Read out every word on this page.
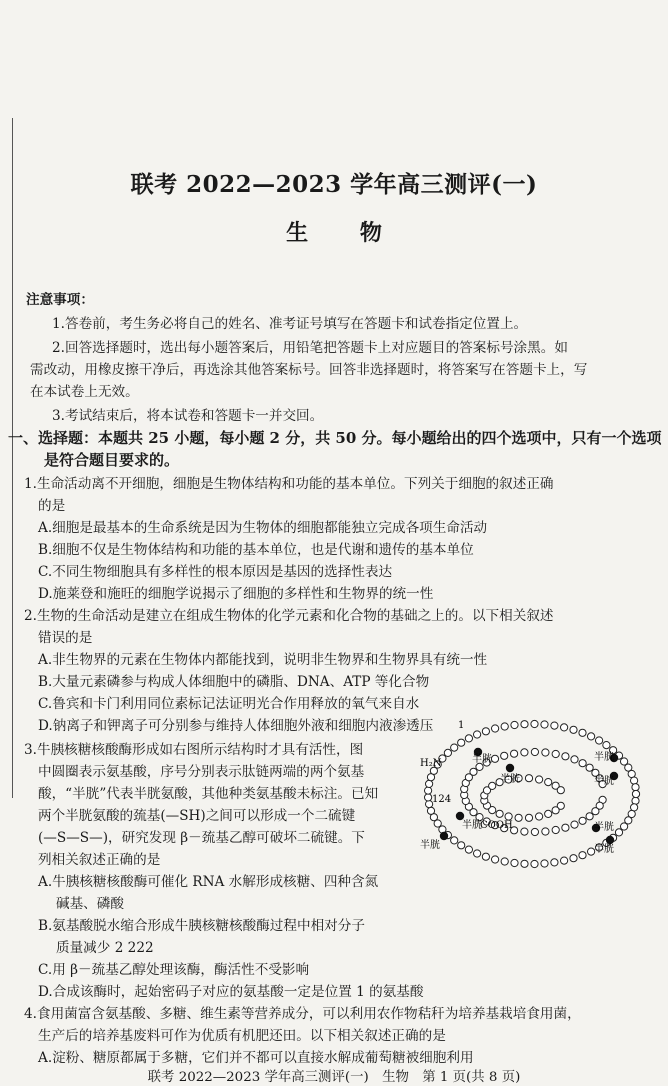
联考 2022—2023 学年高三测评(一)
生 物
注意事项：
1.答卷前，考生务必将自己的姓名、准考证号填写在答题卡和试卷指定位置上。
2.回答选择题时，选出每小题答案后，用铅笔把答题卡上对应题目的答案标号涂黑。如
需改动，用橡皮擦干净后，再选涂其他答案标号。回答非选择题时，将答案写在答题卡上，写
在本试卷上无效。
3.考试结束后，将本试卷和答题卡一并交回。
一、选择题：本题共 25 小题，每小题 2 分，共 50 分。每小题给出的四个选项中，只有一个选项
是符合题目要求的。
1.生命活动离不开细胞，细胞是生物体结构和功能的基本单位。下列关于细胞的叙述正确
的是
A.细胞是最基本的生命系统是因为生物体的细胞都能独立完成各项生命活动
B.细胞不仅是生物体结构和功能的基本单位，也是代谢和遗传的基本单位
C.不同生物细胞具有多样性的根本原因是基因的选择性表达
D.施莱登和施旺的细胞学说揭示了细胞的多样性和生物界的统一性
2.生物的生命活动是建立在组成生物体的化学元素和化合物的基础之上的。以下相关叙述
错误的是
A.非生物界的元素在生物体内都能找到，说明非生物界和生物界具有统一性
B.大量元素磷参与构成人体细胞中的磷脂、DNA、ATP 等化合物
C.鲁宾和卡门利用同位素标记法证明光合作用释放的氧气来自水
D.钠离子和钾离子可分别参与维持人体细胞外液和细胞内液渗透压
3.牛胰核糖核酸酶形成如右图所示结构时才具有活性，图
中圆圈表示氨基酸，序号分别表示肽链两端的两个氨基
酸，“半胱”代表半胱氨酸，其他种类氨基酸未标注。已知
两个半胱氨酸的巯基(—SH)之间可以形成一个二硫键
(—S—S—)，研究发现 β－巯基乙醇可破坏二硫键。下
列相关叙述正确的是
A.牛胰核糖核酸酶可催化 RNA 水解形成核糖、四种含氮
碱基、磷酸
B.氨基酸脱水缩合形成牛胰核糖核酸酶过程中相对分子
质量减少 2 222
C.用 β－巯基乙醇处理该酶，酶活性不受影响
D.合成该酶时，起始密码子对应的氨基酸一定是位置 1 的氨基酸
4.食用菌富含氨基酸、多糖、维生素等营养成分，可以利用农作物秸秆为培养基栽培食用菌，
生产后的培养基废料可作为优质有机肥还田。以下相关叙述正确的是
A.淀粉、糖原都属于多糖，它们并不都可以直接水解成葡萄糖被细胞利用
联考 2022—2023 学年高三测评(一)　生物　第 1 页(共 8 页)
1
H₂N
124
COOH
半胱
半胱
半胱
半胱
半胱	半胱
半胱	半胱
